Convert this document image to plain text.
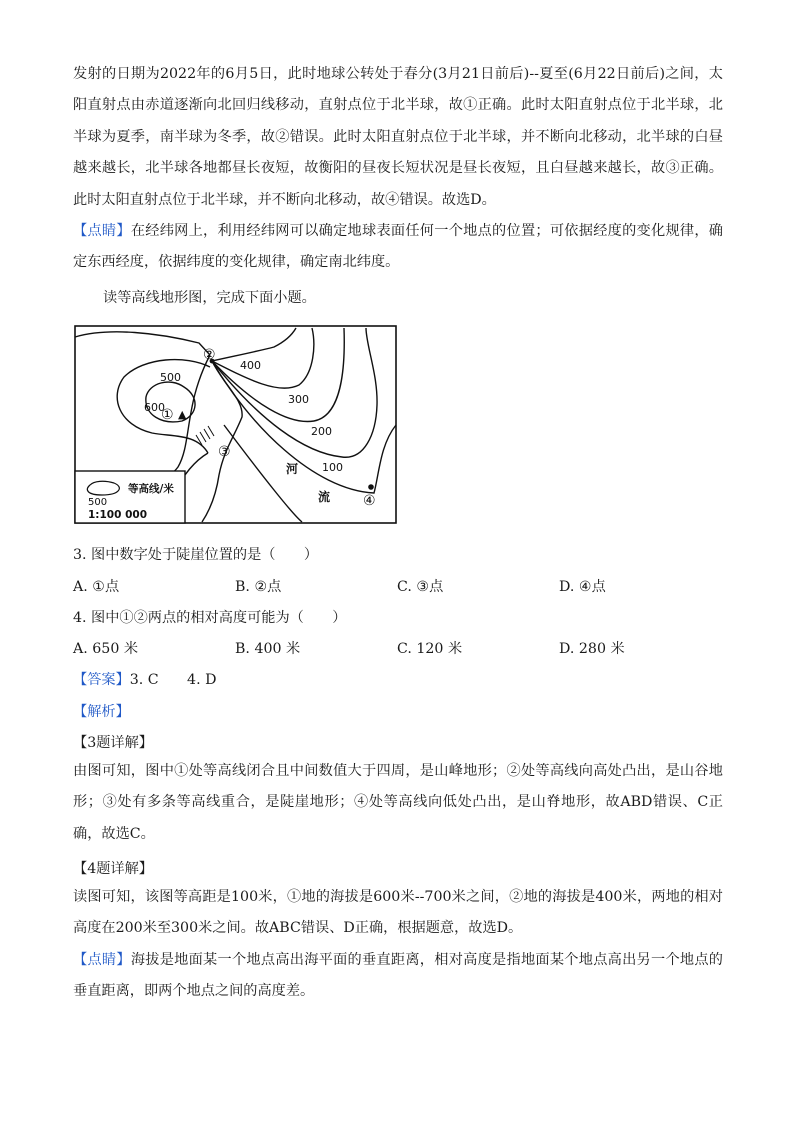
发射的日期为2022年的6月5日，此时地球公转处于春分(3月21日前后)--夏至(6月22日前后)之间，太阳直射点由赤道逐渐向北回归线移动，直射点位于北半球，故①正确。此时太阳直射点位于北半球，北半球为夏季，南半球为冬季，故②错误。此时太阳直射点位于北半球，并不断向北移动，北半球的白昼越来越长，北半球各地都昼长夜短，故衡阳的昼夜长短状况是昼长夜短，且白昼越来越长，故③正确。此时太阳直射点位于北半球，并不断向北移动，故④错误。故选D。

【点睛】在经纬网上，利用经纬网可以确定地球表面任何一个地点的位置；可依据经度的变化规律，确定东西经度，依据纬度的变化规律，确定南北纬度。

读等高线地形图，完成下面小题。

500
600
400
300
200
100
① ▲
②
③
④
河
流
500
等高线/米
1:100 000

3. 图中数字处于陡崖位置的是（　　）

A. ①点	B. ②点	C. ③点	D. ④点

4. 图中①②两点的相对高度可能为（　　）

A. 650 米	B. 400 米	C. 120 米	D. 280 米

【答案】3. C　　4. D

【解析】

【3题详解】

由图可知，图中①处等高线闭合且中间数值大于四周，是山峰地形；②处等高线向高处凸出，是山谷地形；③处有多条等高线重合，是陡崖地形；④处等高线向低处凸出，是山脊地形，故ABD错误、C正确，故选C。

【4题详解】

读图可知，该图等高距是100米，①地的海拔是600米--700米之间，②地的海拔是400米，两地的相对高度在200米至300米之间。故ABC错误、D正确，根据题意，故选D。

【点睛】海拔是地面某一个地点高出海平面的垂直距离，相对高度是指地面某个地点高出另一个地点的垂直距离，即两个地点之间的高度差。
